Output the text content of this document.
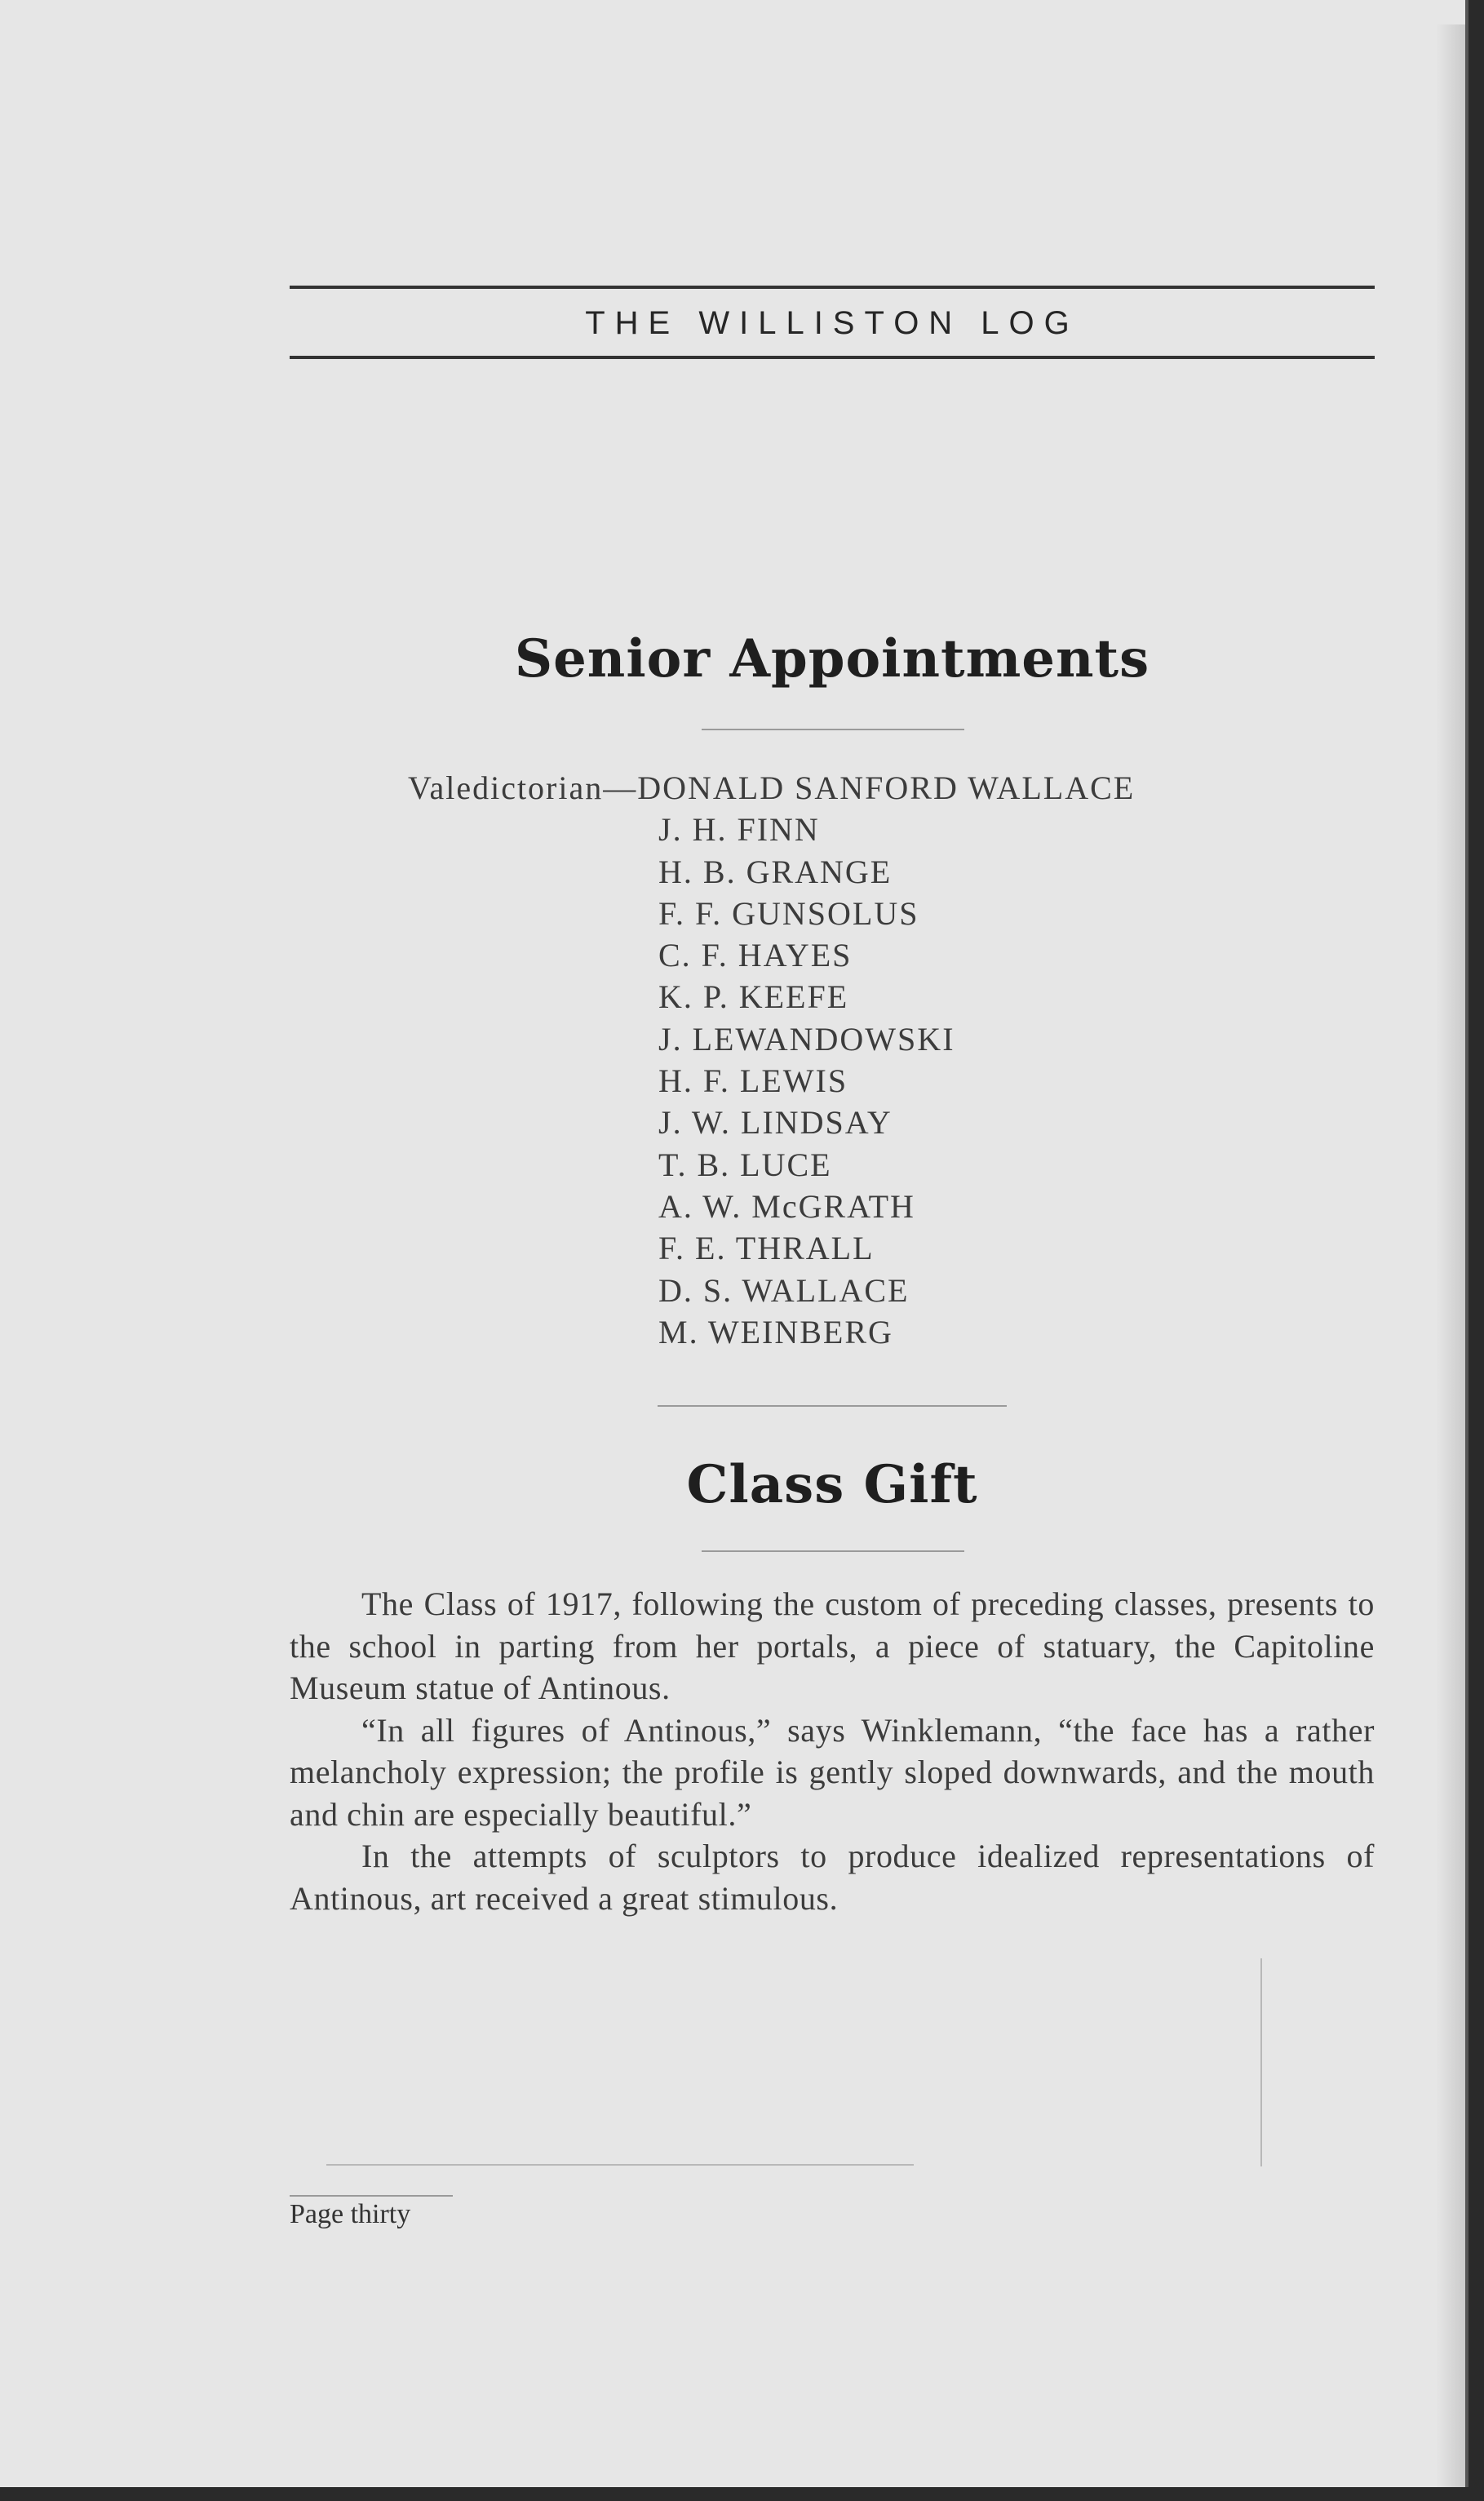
THE WILLISTON LOG
Senior Appointments
Valedictorian—DONALD SANFORD WALLACE
J. H. FINN
H. B. GRANGE
F. F. GUNSOLUS
C. F. HAYES
K. P. KEEFE
J. LEWANDOWSKI
H. F. LEWIS
J. W. LINDSAY
T. B. LUCE
A. W. McGRATH
F. E. THRALL
D. S. WALLACE
M. WEINBERG
Class Gift

The Class of 1917, following the custom of preceding classes, presents to the school in parting from her portals, a piece of statuary, the Capitoline Museum statue of Antinous.

“In all figures of Antinous,” says Winklemann, “the face has a rather melancholy expression; the profile is gently sloped downwards, and the mouth and chin are especially beautiful.”

In the attempts of sculptors to produce idealized representations of Antinous, art received a great stimulous.

Page thirty
